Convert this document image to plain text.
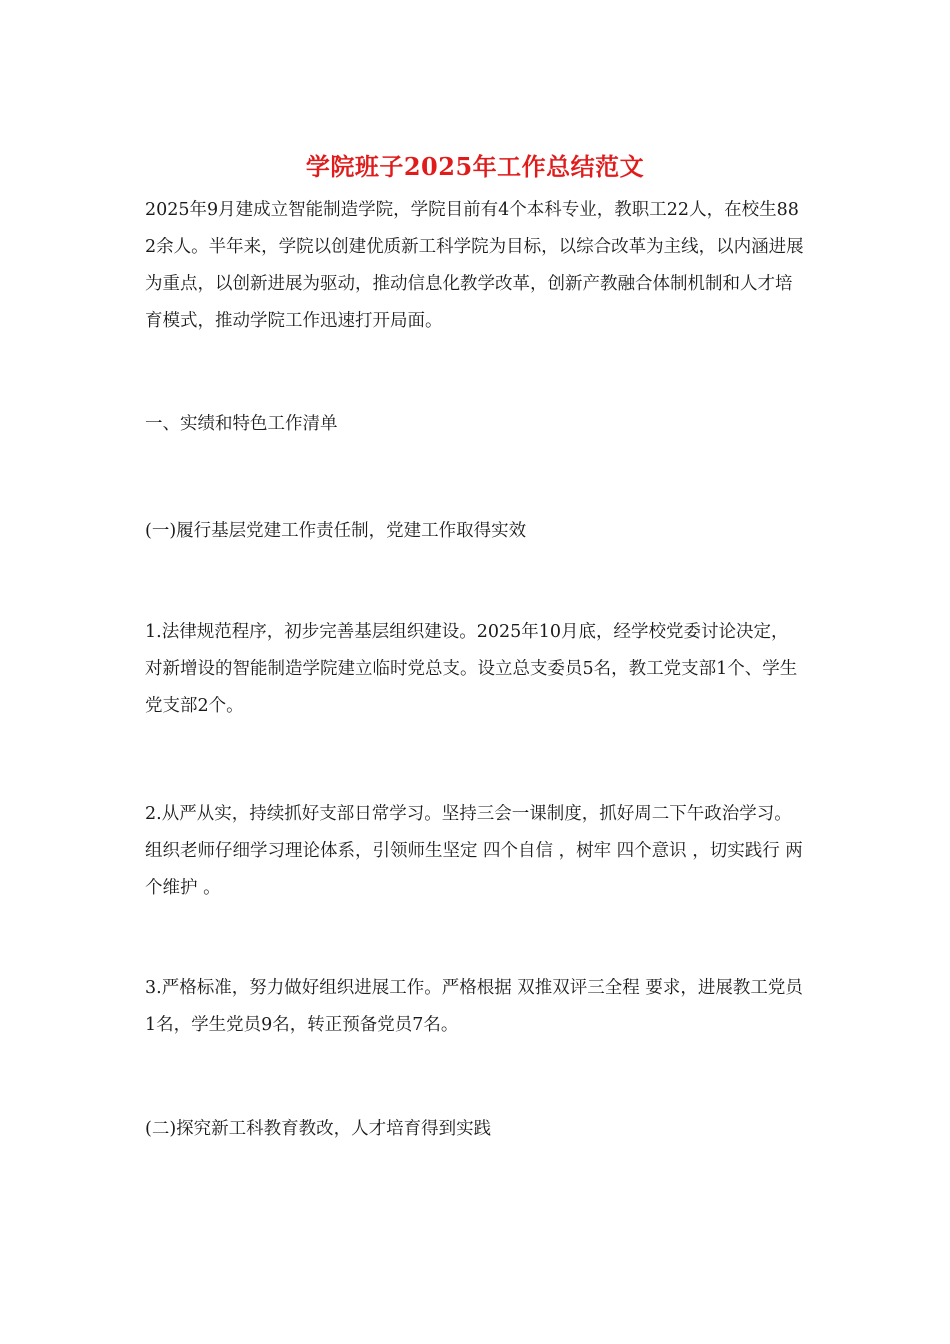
学院班子2025年工作总结范文

2025年9月建成立智能制造学院，学院目前有4个本科专业，教职工22人，在校生882余人。半年来，学院以创建优质新工科学院为目标，以综合改革为主线，以内涵进展为重点，以创新进展为驱动，推动信息化教学改革，创新产教融合体制机制和人才培育模式，推动学院工作迅速打开局面。

一、实绩和特色工作清单

(一)履行基层党建工作责任制，党建工作取得实效

1.法律规范程序，初步完善基层组织建设。2025年10月底，经学校党委讨论决定，对新增设的智能制造学院建立临时党总支。设立总支委员5名，教工党支部1个、学生党支部2个。

2.从严从实，持续抓好支部日常学习。坚持三会一课制度，抓好周二下午政治学习。组织老师仔细学习理论体系，引领师生坚定 四个自信 ，树牢 四个意识 ，切实践行 两个维护 。

3.严格标准，努力做好组织进展工作。严格根据 双推双评三全程 要求，进展教工党员1名，学生党员9名，转正预备党员7名。

(二)探究新工科教育教改，人才培育得到实践
